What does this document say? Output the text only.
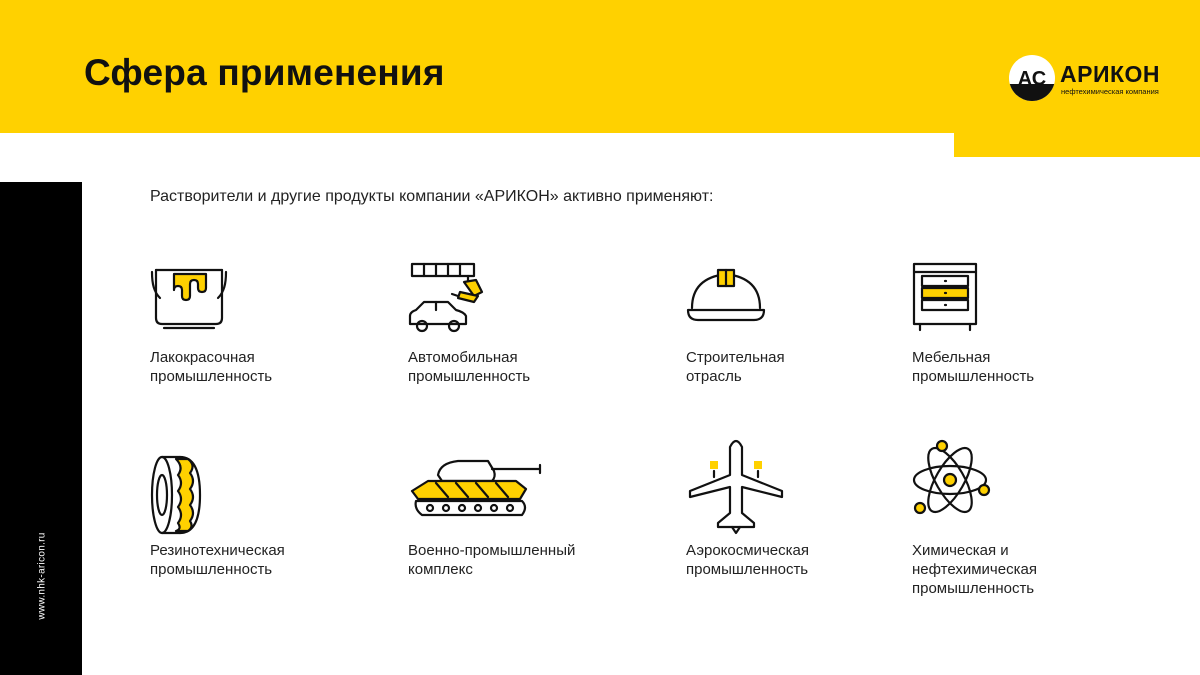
Сфера применения	АС АРИКОН
нефтехимическая компания
www.nhk-aricon.ru

Растворители и другие продукты компании «АРИКОН» активно применяют:

Лакокрасочная
промышленность
Автомобильная
промышленность
Строительная
отрасль
Мебельная
промышленность
Резинотехническая
промышленность
Военно-промышленный
комплекс
Аэрокосмическая
промышленность
Химическая и
нефтехимическая
промышленность
